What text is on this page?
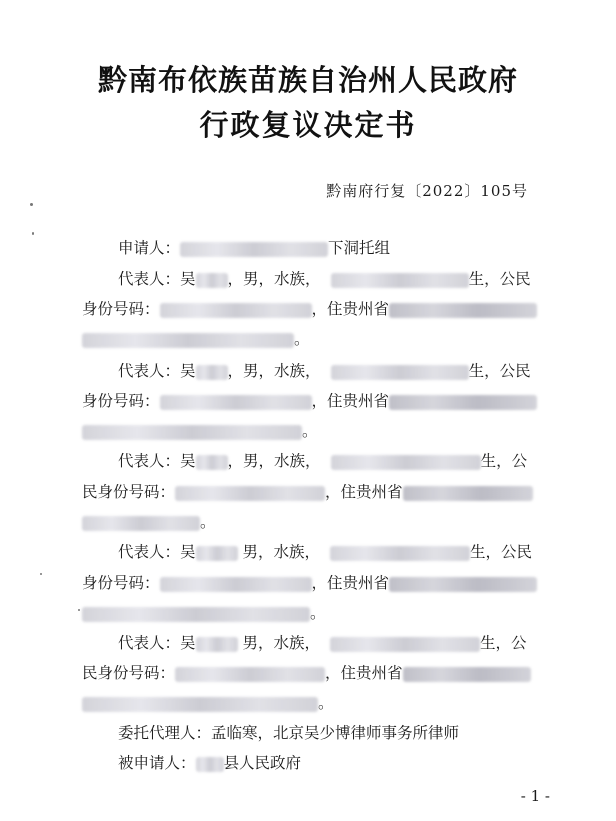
黔南布依族苗族自治州人民政府
行政复议决定书
黔南府行复〔2022〕105号
申请人：	下洞托组
代表人：吴 ，男，水族，	生，公民
身份号码：	，住贵州省
。
代表人：吴 ，男，水族，	生，公民
身份号码：	，住贵州省
。
代表人：吴 ，男，水族，	生，公
民身份号码：	，住贵州省
。
代表人：吴	男，水族，	生，公民
身份号码：	，住贵州省
。
代表人：吴	男，水族，	生，公
民身份号码：	，住贵州省
。
委托代理人：孟临寒，北京吴少博律师事务所律师
被申请人： 县人民政府
- 1 -
